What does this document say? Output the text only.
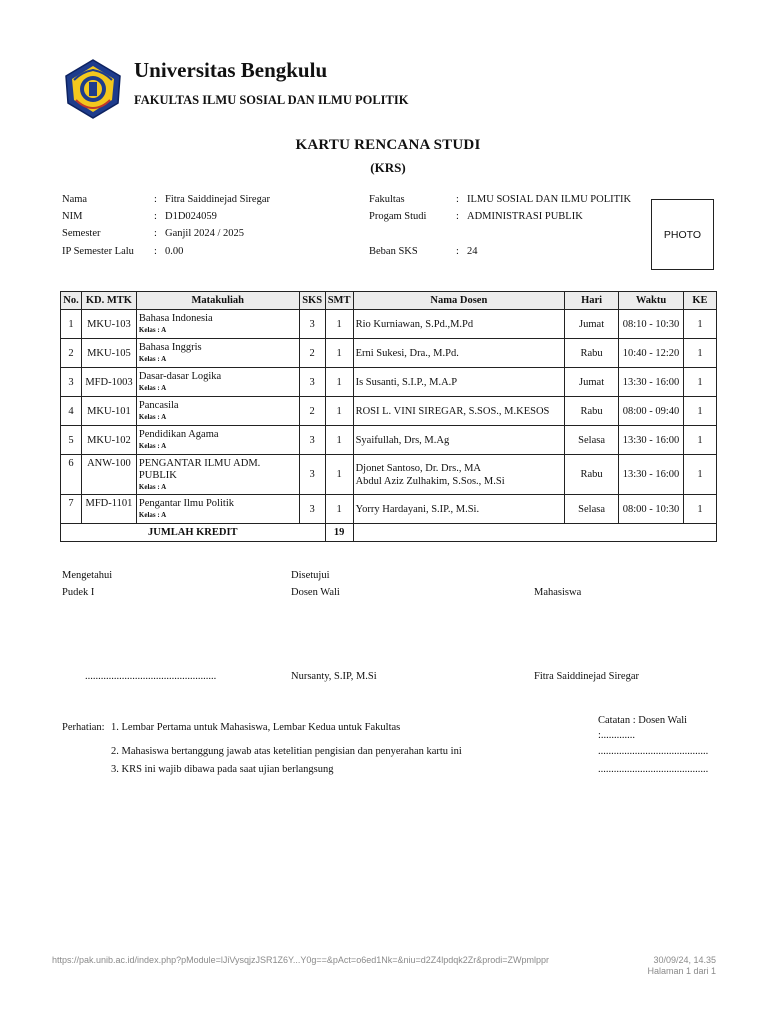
Universitas Bengkulu
FAKULTAS ILMU SOSIAL DAN ILMU POLITIK
KARTU RENCANA STUDI
(KRS)
Nama	: Fitra Saiddinejad Siregar
NIM	: D1D024059
Semester	: Ganjil 2024 / 2025
IP Semester Lalu : 0.00
Fakultas	: ILMU SOSIAL DAN ILMU POLITIK
Progam Studi	: ADMINISTRASI PUBLIK
Beban SKS	: 24
PHOTO
No.	KD. MTK	Matakuliah	SKS	SMT	Nama Dosen	Hari	Waktu	KE
1	MKU-103	Bahasa Indonesia
Kelas : A	3	1	Rio Kurniawan, S.Pd.,M.Pd	Jumat	08:10 - 10:30	1
2	MKU-105	Bahasa Inggris
Kelas : A	2	1	Erni Sukesi, Dra., M.Pd.	Rabu	10:40 - 12:20	1
3	MFD-1003	Dasar-dasar Logika
Kelas : A	3	1	Is Susanti, S.I.P., M.A.P	Jumat	13:30 - 16:00	1
4	MKU-101	Pancasila
Kelas : A	2	1	ROSI L. VINI SIREGAR, S.SOS., M.KESOS	Rabu	08:00 - 09:40	1
5	MKU-102	Pendidikan Agama
Kelas : A	3	1	Syaifullah, Drs, M.Ag	Selasa	13:30 - 16:00	1
6	ANW-100	PENGANTAR ILMU ADM. PUBLIK
Kelas : A	3	1	Djonet Santoso, Dr. Drs., MA
Abdul Aziz Zulhakim, S.Sos., M.Si	Rabu	13:30 - 16:00	1
7	MFD-1101	Pengantar Ilmu Politik
Kelas : A	3	1	Yorry Hardayani, S.IP., M.Si.	Selasa	08:00 - 10:30	1
JUMLAH KREDIT				19				
Mengetahui
Pudek I
..................................................
Disetujui
Dosen Wali
Nursanty, S.IP, M.Si
Mahasiswa
Fitra Saiddinejad Siregar
Perhatian: 1. Lembar Pertama untuk Mahasiswa, Lembar Kedua untuk Fakultas
2. Mahasiswa bertanggung jawab atas ketelitian pengisian dan penyerahan kartu ini
3. KRS ini wajib dibawa pada saat ujian berlangsung
Catatan : Dosen Wali
:.............
..........................................
..........................................
https://pak.unib.ac.id/index.php?pModule=lJiVysqjzJSR1Z6Y...Y0g==&pAct=o6ed1Nk=&niu=d2Z4lpdqk2Zr&prodi=ZWpmlppr	30/09/24, 14.35
Halaman 1 dari 1
